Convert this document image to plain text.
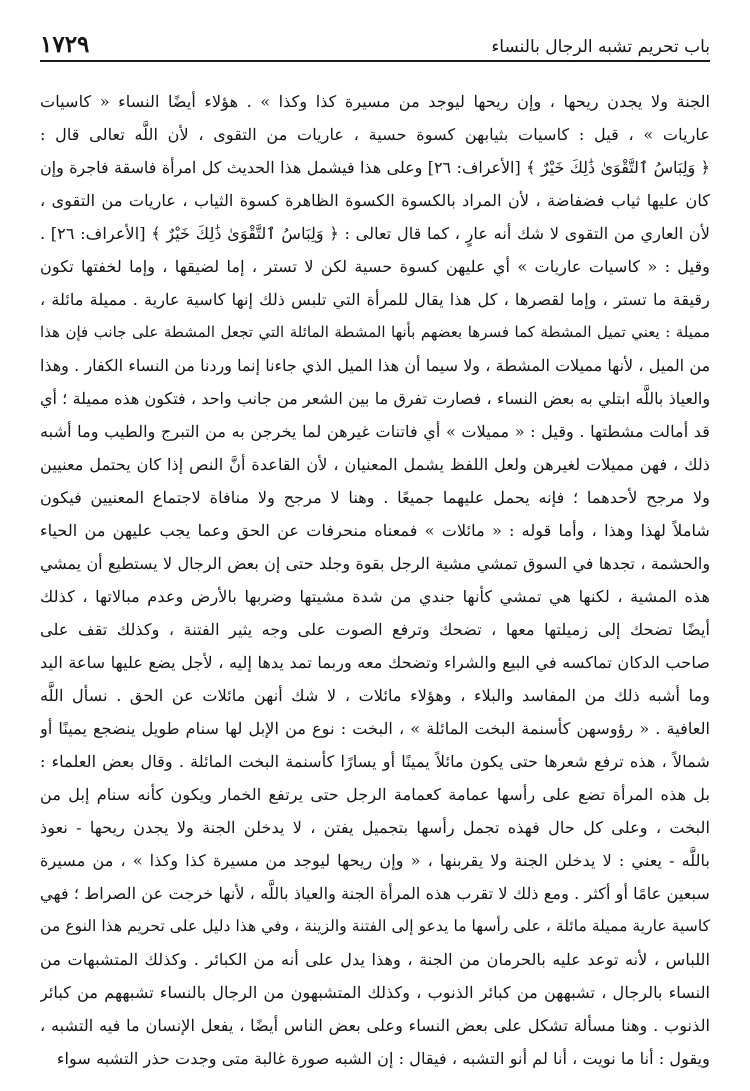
باب تحريم تشبه الرجال بالنساء
١٧٢٩
الجنة ولا يجدن ريحها ، وإن ريحها ليوجد من مسيرة كذا وكذا » . هؤلاء أيضًا النساء « كاسيات
عاريات » ، قيل : كاسيات بثيابهن كسوة حسية ، عاريات من التقوى ، لأن اللَّه تعالى قال :
﴿ وَلِبَاسُ ٱلتَّقْوَىٰ ذَٰلِكَ خَيْرٌ ﴾ [الأعراف: ٢٦] وعلى هذا فيشمل هذا الحديث كل امرأة فاسقة فاجرة وإن
كان عليها ثياب فضفاضة ، لأن المراد بالكسوة الكسوة الظاهرة كسوة الثياب ، عاريات من التقوى ،
لأن العاري من التقوى لا شك أنه عارٍ ، كما قال تعالى : ﴿ وَلِبَاسُ ٱلتَّقْوَىٰ ذَٰلِكَ خَيْرٌ ﴾ [الأعراف: ٢٦] .
وقيل : « كاسيات عاريات » أي عليهن كسوة حسية لكن لا تستر ، إما لضيقها ، وإما لخفتها تكون
رقيقة ما تستر ، وإما لقصرها ، كل هذا يقال للمرأة التي تلبس ذلك إنها كاسية عارية . مميلة مائلة ،
مميلة : يعني تميل المشطة كما فسرها بعضهم بأنها المشطة المائلة التي تجعل المشطة على جانب فإن هذا
من الميل ، لأنها مميلات المشطة ، ولا سيما أن هذا الميل الذي جاءنا إنما وردنا من النساء الكفار . وهذا
والعياذ باللَّه ابتلي به بعض النساء ، فصارت تفرق ما بين الشعر من جانب واحد ، فتكون هذه مميلة ؛ أي
قد أمالت مشطتها . وقيل : « مميلات » أي فاتنات غيرهن لما يخرجن به من التبرج والطيب وما أشبه
ذلك ، فهن مميلات لغيرهن ولعل اللفظ يشمل المعنيان ، لأن القاعدة أنَّ النص إذا كان يحتمل معنيين
ولا مرجح لأحدهما ؛ فإنه يحمل عليهما جميعًا . وهنا لا مرجح ولا منافاة لاجتماع المعنيين فيكون
شاملاً لهذا وهذا ، وأما قوله : « مائلات » فمعناه منحرفات عن الحق وعما يجب عليهن من الحياء
والحشمة ، تجدها في السوق تمشي مشية الرجل بقوة وجلد حتى إن بعض الرجال لا يستطيع أن يمشي
هذه المشية ، لكنها هي تمشي كأنها جندي من شدة مشيتها وضربها بالأرض وعدم مبالاتها ، كذلك
أيضًا تضحك إلى زميلتها معها ، تضحك وترفع الصوت على وجه يثير الفتنة ، وكذلك تقف على
صاحب الدكان تماكسه في البيع والشراء وتضحك معه وربما تمد يدها إليه ، لأجل يضع عليها ساعة اليد
وما أشبه ذلك من المفاسد والبلاء ، وهؤلاء مائلات ، لا شك أنهن مائلات عن الحق . نسأل اللَّه
العافية . « رؤوسهن كأسنمة البخت المائلة » ، البخت : نوع من الإبل لها سنام طويل ينضجع يمينًا أو
شمالاً ، هذه ترفع شعرها حتى يكون مائلاً يمينًا أو يسارًا كأسنمة البخت المائلة . وقال بعض العلماء :
بل هذه المرأة تضع على رأسها عمامة كعمامة الرجل حتى يرتفع الخمار ويكون كأنه سنام إبل من
البخت ، وعلى كل حال فهذه تجمل رأسها بتجميل يفتن ، لا يدخلن الجنة ولا يجدن ريحها - نعوذ
باللَّه - يعني : لا يدخلن الجنة ولا يقربنها ، « وإن ريحها ليوجد من مسيرة كذا وكذا » ، من مسيرة
سبعين عامًا أو أكثر . ومع ذلك لا تقرب هذه المرأة الجنة والعياذ باللَّه ، لأنها خرجت عن الصراط ؛ فهي
كاسية عارية مميلة مائلة ، على رأسها ما يدعو إلى الفتنة والزينة ، وفي هذا دليل على تحريم هذا النوع من
اللباس ، لأنه توعد عليه بالحرمان من الجنة ، وهذا يدل على أنه من الكبائر . وكذلك المتشبهات من
النساء بالرجال ، تشبههن من كبائر الذنوب ، وكذلك المتشبهون من الرجال بالنساء تشبههم من كبائر
الذنوب . وهنا مسألة تشكل على بعض النساء وعلى بعض الناس أيضًا ، يفعل الإنسان ما فيه التشبه ،
ويقول : أنا ما نويت ، أنا لم أنو التشبه ، فيقال : إن الشبه صورة غالبة متى وجدت حذر التشبه سواء
